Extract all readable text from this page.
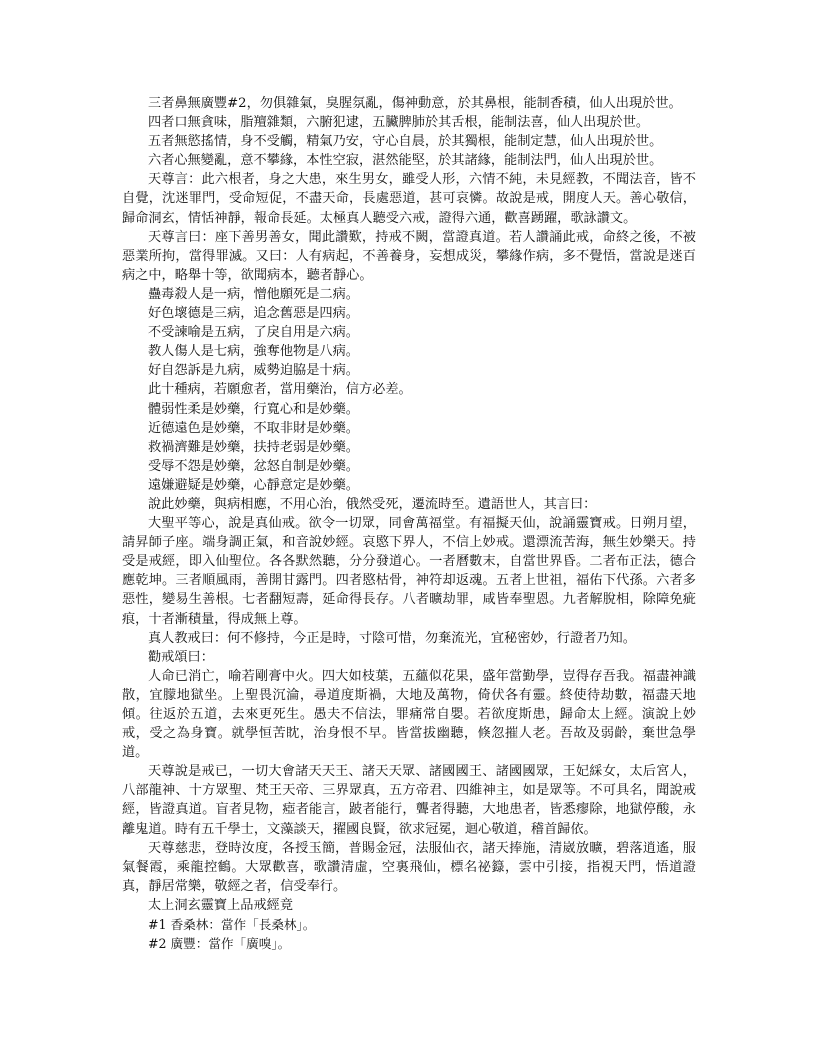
三者鼻無廣豐#2，勿俱雜氣，臭腥氛亂，傷神動意，於其鼻根，能制香積，仙人出現於世。

四者口無貪味，脂羶雜類，六腑犯逮，五臟脾肺於其舌根，能制法喜，仙人出現於世。

五者無慾搖情，身不受觸，精氣乃安，守心自晨，於其獨根，能制定慧，仙人出現於世。

六者心無變亂，意不攀緣，本性空寂，湛然能堅，於其諸緣，能制法門，仙人出現於世。

天尊言：此六根者，身之大患，來生男女，雖受人形，六情不純，未見經教，不聞法音，皆不自覺，沈迷罪門，受命短促，不盡天命，長處惡道，甚可哀憐。故說是戒，開度人天。善心敬信，歸命洞玄，情恬神靜，報命長延。太極真人聽受六戒，證得六通，歡喜踴躍，歌詠讚文。

天尊言曰：座下善男善女，聞此讚歎，持戒不闕，當證真道。若人讚誦此戒，命終之後，不被惡業所拘，當得罪滅。又曰：人有病起，不善養身，妄想成災，攀緣作病，多不覺悟，當說是迷百病之中，略舉十等，欲聞病本，聽者靜心。

蠱毒殺人是一病，憎他願死是二病。

好色壞德是三病，追念舊惡是四病。

不受諫喻是五病，了戾自用是六病。

教人傷人是七病，強奪他物是八病。

好自怨訴是九病，威勢迫脇是十病。

此十種病，若願愈者，當用藥治，信方必差。

體弱性柔是妙藥，行寬心和是妙藥。

近德遠色是妙藥，不取非財是妙藥。

救禍濟難是妙藥，扶持老弱是妙藥。

受辱不怨是妙藥，忿怒自制是妙藥。

遠嫌避疑是妙藥，心靜意定是妙藥。

說此妙藥，與病相應，不用心治，俄然受死，遷流時至。遺語世人，其言曰：

大聖平等心，說是真仙戒。欲令一切眾，同會萬福堂。有福擬天仙，說誦靈寶戒。日朔月望，請昇師子座。端身調正氣，和音說妙經。哀愍下界人，不信上妙戒。還漂流苦海，無生妙樂天。持受是戒經，即入仙聖位。各各默然聽，分分發道心。一者曆數末，自當世界昏。二者布正法，德合應乾坤。三者順風雨，善開甘露門。四者愍枯骨，神符却返魂。五者上世祖，福佑下代孫。六者多惡性，變易生善根。七者翻短壽，延命得長存。八者曠劫罪，咸皆奉聖恩。九者解脫相，除障免疵痕，十者漸積量，得成無上尊。

真人教戒曰：何不修持，今正是時，寸陰可惜，勿棄流光，宜秘密妙，行證者乃知。

勸戒頌曰：

人命已消亡，喻若剛膏中火。四大如枝葉，五蘊似花果，盛年當勤學，豈得存吾我。福盡神識散，宜朦地獄坐。上聖畏沉淪，尋道度斯禍，大地及萬物，倚伏各有靈。終使待劫數，福盡天地傾。往返於五道，去來更死生。愚夫不信法，罪痛常自嬰。若欲度斯患，歸命太上經。演說上妙戒，受之為身寶。就學恒苦眈，治身恨不早。皆當拔幽聽，倏忽摧人老。吾故及弱齡，棄世急學道。

天尊說是戒已，一切大會諸天天王、諸天天眾、諸國國王、諸國國眾，王妃綵女，太后宮人，八部龍神、十方眾聖、梵王天帝、三界眾真，五方帝君、四維神主，如是眾等。不可具名，聞說戒經，皆證真道。盲者見物，瘂者能言，跛者能行，聾者得聽，大地患者，皆悉瘳除，地獄停酸，永離鬼道。時有五千學士，文藻談天，擢國良賢，欲求冠冕，迴心敬道，稽首歸依。

天尊慈悲，登時汝度，各授玉簡，普賜金冠，法服仙衣，諸天捧施，清崴放曠，碧落逍遙，服氣餐霞，乘龍控鶴。大眾歡喜，歌讚清虛，空裏飛仙，標名祕籙，雲中引接，指視天門，悟道證真，靜居常樂，敬經之者，信受奉行。

太上洞玄靈寶上品戒經竟

#1 香桑林：當作「長桑林」。

#2 廣豐：當作「廣嗅」。
